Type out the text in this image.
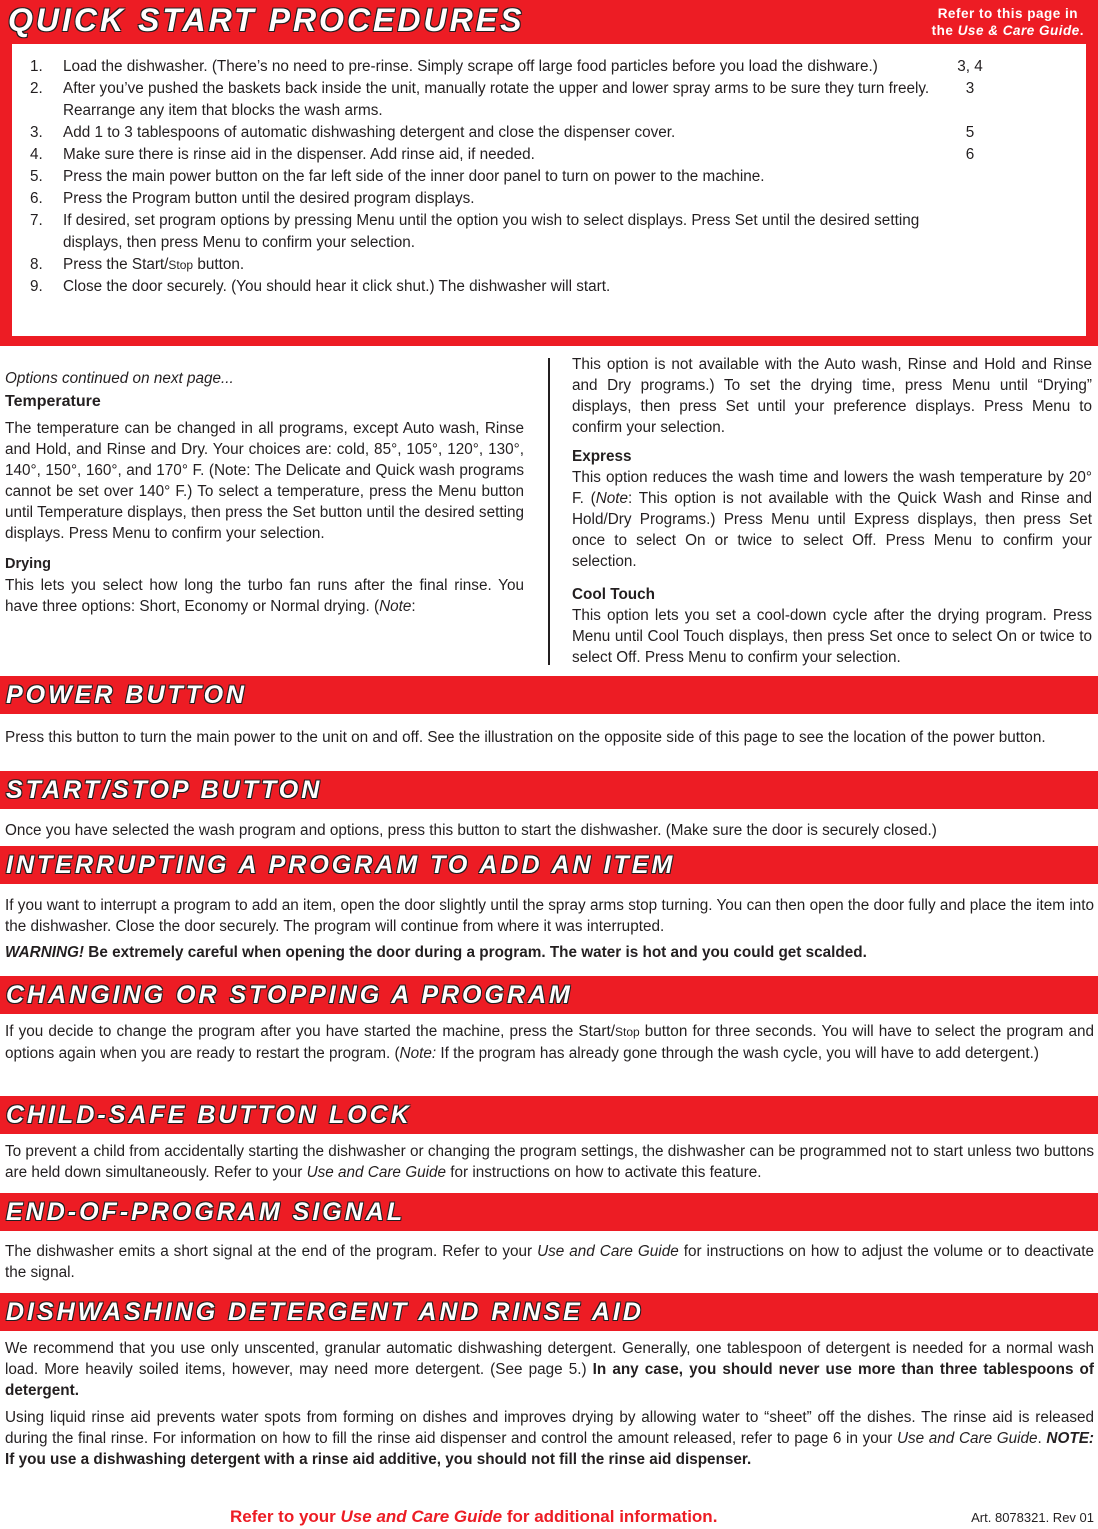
QUICK START PROCEDURES	Refer to this page in
the Use & Care Guide.
1. Load the dishwasher. (There’s no need to pre-rinse. Simply scrape off large food particles before you load the dishware.)	3, 4
2. After you’ve pushed the baskets back inside the unit, manually rotate the upper and lower spray arms to be sure they turn freely. Rearrange any item that blocks the wash arms.
3
3. Add 1 to 3 tablespoons of automatic dishwashing detergent and close the dispenser cover.	5
4. Make sure there is rinse aid in the dispenser. Add rinse aid, if needed.	6
5. Press the main power button on the far left side of the inner door panel to turn on power to the machine.
6. Press the Program button until the desired program displays.
7. If desired, set program options by pressing Menu until the option you wish to select displays. Press Set until the desired setting displays, then press Menu to confirm your selection.
8. Press the Start/Stop button.
9. Close the door securely. (You should hear it click shut.) The dishwasher will start.

Options continued on next page...

Temperature

The temperature can be changed in all programs, except Auto wash, Rinse and Hold, and Rinse and Dry. Your choices are: cold, 85°, 105°, 120°, 130°, 140°, 150°, 160°, and 170° F. (Note: The Delicate and Quick wash programs cannot be set over 140° F.) To select a temperature, press the Menu button until Temperature displays, then press the Set button until the desired setting displays. Press Menu to confirm your selection.

Drying

This lets you select how long the turbo fan runs after the final rinse. You have three options: Short, Economy or Normal drying. (Note:

This option is not available with the Auto wash, Rinse and Hold and Rinse and Dry programs.) To set the drying time, press Menu until “Drying” displays, then press Set until your preference displays. Press Menu to confirm your selection.

Express

This option reduces the wash time and lowers the wash temperature by 20° F. (Note: This option is not available with the Quick Wash and Rinse and Hold/Dry Programs.) Press Menu until Express displays, then press Set once to select On or twice to select Off. Press Menu to confirm your selection.

Cool Touch

This option lets you set a cool-down cycle after the drying program. Press Menu until Cool Touch displays, then press Set once to select On or twice to select Off. Press Menu to confirm your selection.

POWER BUTTON

Press this button to turn the main power to the unit on and off. See the illustration on the opposite side of this page to see the location of the power button.

START/STOP BUTTON

Once you have selected the wash program and options, press this button to start the dishwasher. (Make sure the door is securely closed.)

INTERRUPTING A PROGRAM TO ADD AN ITEM

If you want to interrupt a program to add an item, open the door slightly until the spray arms stop turning. You can then open the door fully and place the item into the dishwasher. Close the door securely. The program will continue from where it was interrupted.

WARNING! Be extremely careful when opening the door during a program. The water is hot and you could get scalded.

CHANGING OR STOPPING A PROGRAM

If you decide to change the program after you have started the machine, press the Start/Stop button for three seconds. You will have to select the program and options again when you are ready to restart the program. (Note: If the program has already gone through the wash cycle, you will have to add detergent.)

CHILD-SAFE BUTTON LOCK

To prevent a child from accidentally starting the dishwasher or changing the program settings, the dishwasher can be programmed not to start unless two buttons are held down simultaneously. Refer to your Use and Care Guide for instructions on how to activate this feature.

END-OF-PROGRAM SIGNAL

The dishwasher emits a short signal at the end of the program. Refer to your Use and Care Guide for instructions on how to adjust the volume or to deactivate the signal.

DISHWASHING DETERGENT AND RINSE AID

We recommend that you use only unscented, granular automatic dishwashing detergent. Generally, one tablespoon of detergent is needed for a normal wash load. More heavily soiled items, however, may need more detergent. (See page 5.) In any case, you should never use more than three tablespoons of detergent.

Using liquid rinse aid prevents water spots from forming on dishes and improves drying by allowing water to “sheet” off the dishes. The rinse aid is released during the final rinse. For information on how to fill the rinse aid dispenser and control the amount released, refer to page 6 in your Use and Care Guide. NOTE: If you use a dishwashing detergent with a rinse aid additive, you should not fill the rinse aid dispenser.

Refer to your Use and Care Guide for additional information.	Art. 8078321. Rev 01
